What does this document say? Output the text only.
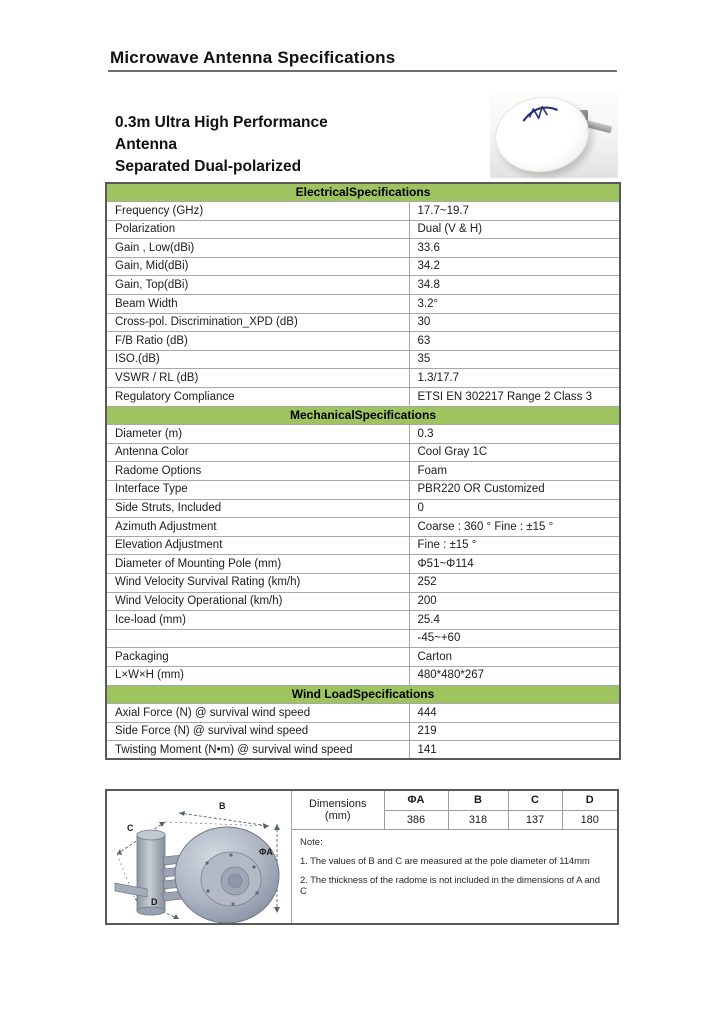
Microwave Antenna Specifications
0.3m Ultra High Performance
Antenna
Separated Dual-polarized
ElectricalSpecifications	
Frequency (GHz)	17.7~19.7
Polarization	Dual (V & H)
Gain , Low(dBi)	33.6
Gain, Mid(dBi)	34.2
Gain, Top(dBi)	34.8
Beam Width	3.2°
Cross-pol. Discrimination_XPD (dB)	30
F/B Ratio (dB)	63
ISO.(dB)	35
VSWR / RL (dB)	1.3/17.7
Regulatory Compliance	ETSI EN 302217 Range 2 Class 3
MechanicalSpecifications	
Diameter (m)	0.3
Antenna Color	Cool Gray 1C
Radome Options	Foam
Interface Type	PBR220 OR Customized
Side Struts, Included	0
Azimuth Adjustment	Coarse : 360 ° Fine : ±15 °
Elevation Adjustment	Fine : ±15 °
Diameter of Mounting Pole (mm)	Φ51~Φ114
Wind Velocity Survival Rating (km/h)	252
Wind Velocity Operational (km/h)	200
Ice-load (mm)	25.4
	-45~+60
Packaging	Carton
L×W×H (mm)	480*480*267
Wind LoadSpecifications	
Axial Force (N) @ survival wind speed	444
Side Force (N) @ survival wind speed	219
Twisting Moment (N•m) @ survival wind speed	141
B
C
ΦA
D
Dimensions
(mm)	ΦA	B	C	D
	386	318	137	180
Note:
1. The values of B and C are measured at the pole diameter of 114mm
2. The thickness of the radome is not included in the dimensions of A and C
